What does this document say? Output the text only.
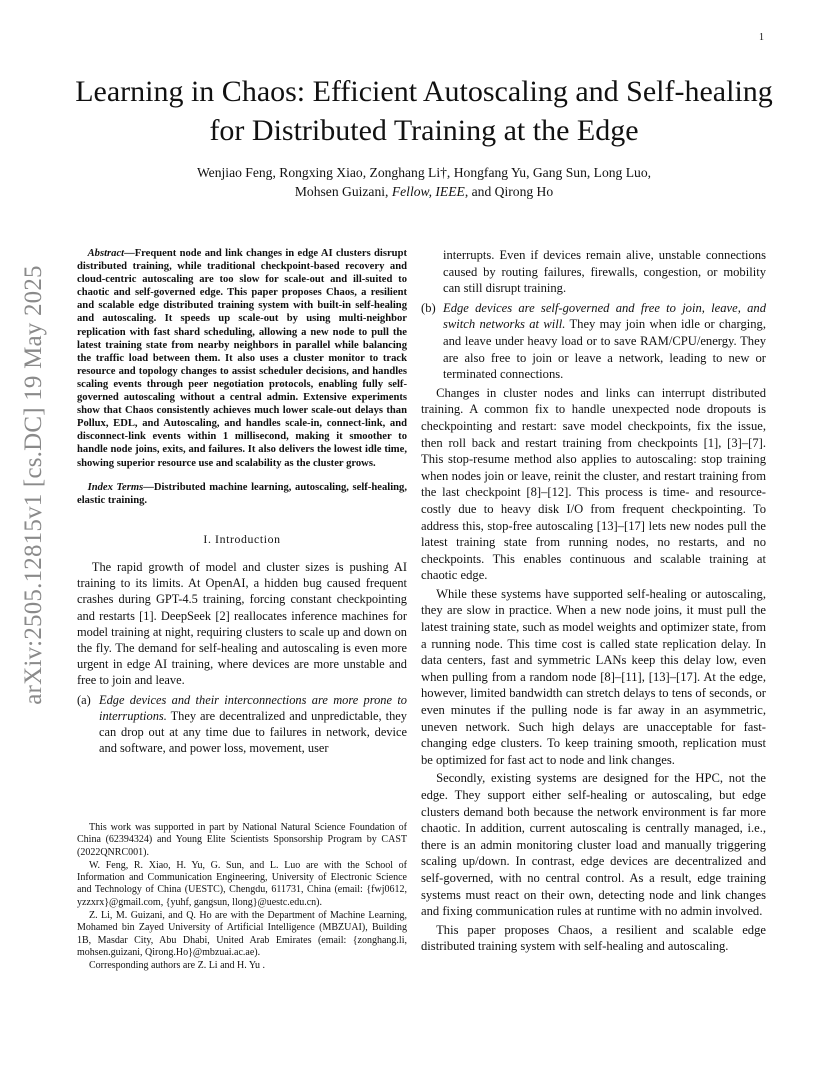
1
arXiv:2505.12815v1 [cs.DC] 19 May 2025
Learning in Chaos: Efficient Autoscaling and Self-healing for Distributed Training at the Edge
Wenjiao Feng, Rongxing Xiao, Zonghang Li†, Hongfang Yu, Gang Sun, Long Luo,
Mohsen Guizani, Fellow, IEEE, and Qirong Ho

Abstract—Frequent node and link changes in edge AI clusters disrupt distributed training, while traditional checkpoint-based recovery and cloud-centric autoscaling are too slow for scale-out and ill-suited to chaotic and self-governed edge. This paper proposes Chaos, a resilient and scalable edge distributed training system with built-in self-healing and autoscaling. It speeds up scale-out by using multi-neighbor replication with fast shard scheduling, allowing a new node to pull the latest training state from nearby neighbors in parallel while balancing the traffic load between them. It also uses a cluster monitor to track resource and topology changes to assist scheduler decisions, and handles scaling events through peer negotiation protocols, enabling fully self-governed autoscaling without a central admin. Extensive experiments show that Chaos consistently achieves much lower scale-out delays than Pollux, EDL, and Autoscaling, and handles scale-in, connect-link, and disconnect-link events within 1 millisecond, making it smoother to handle node joins, exits, and failures. It also delivers the lowest idle time, showing superior resource use and scalability as the cluster grows.

Index Terms—Distributed machine learning, autoscaling, self-healing, elastic training.

I. Introduction

The rapid growth of model and cluster sizes is pushing AI training to its limits. At OpenAI, a hidden bug caused frequent crashes during GPT-4.5 training, forcing constant checkpointing and restarts [1]. DeepSeek [2] reallocates inference machines for model training at night, requiring clusters to scale up and down on the fly. The demand for self-healing and autoscaling is even more urgent in edge AI training, where devices are more unstable and free to join and leave.

(a) Edge devices and their interconnections are more prone to interruptions. They are decentralized and unpredictable, they can drop out at any time due to failures in network, device and software, and power loss, movement, user

This work was supported in part by National Natural Science Foundation of China (62394324) and Young Elite Scientists Sponsorship Program by CAST (2022QNRC001).

W. Feng, R. Xiao, H. Yu, G. Sun, and L. Luo are with the School of Information and Communication Engineering, University of Electronic Science and Technology of China (UESTC), Chengdu, 611731, China (email: {fwj0612, yzzxrx}@gmail.com, {yuhf, gangsun, llong}@uestc.edu.cn).

Z. Li, M. Guizani, and Q. Ho are with the Department of Machine Learning, Mohamed bin Zayed University of Artificial Intelligence (MBZUAI), Building 1B, Masdar City, Abu Dhabi, United Arab Emirates (email: {zonghang.li, mohsen.guizani, Qirong.Ho}@mbzuai.ac.ae).

Corresponding authors are Z. Li and H. Yu .

interrupts. Even if devices remain alive, unstable connections caused by routing failures, firewalls, congestion, or mobility can still disrupt training.

(b) Edge devices are self-governed and free to join, leave, and switch networks at will. They may join when idle or charging, and leave under heavy load or to save RAM/CPU/energy. They are also free to join or leave a network, leading to new or terminated connections.

Changes in cluster nodes and links can interrupt distributed training. A common fix to handle unexpected node dropouts is checkpointing and restart: save model checkpoints, fix the issue, then roll back and restart training from checkpoints [1], [3]–[7]. This stop-resume method also applies to autoscaling: stop training when nodes join or leave, reinit the cluster, and restart training from the last checkpoint [8]–[12]. This process is time- and resource-costly due to heavy disk I/O from frequent checkpointing. To address this, stop-free autoscaling [13]–[17] lets new nodes pull the latest training state from running nodes, no restarts, and no checkpoints. This enables continuous and scalable training at chaotic edge.

While these systems have supported self-healing or autoscaling, they are slow in practice. When a new node joins, it must pull the latest training state, such as model weights and optimizer state, from a running node. This time cost is called state replication delay. In data centers, fast and symmetric LANs keep this delay low, even when pulling from a random node [8]–[11], [13]–[17]. At the edge, however, limited bandwidth can stretch delays to tens of seconds, or even minutes if the pulling node is far away in an asymmetric, uneven network. Such high delays are unacceptable for fast-changing edge clusters. To keep training smooth, replication must be optimized for fast act to node and link changes.

Secondly, existing systems are designed for the HPC, not the edge. They support either self-healing or autoscaling, but edge clusters demand both because the network environment is far more chaotic. In addition, current autoscaling is centrally managed, i.e., there is an admin monitoring cluster load and manually triggering scaling up/down. In contrast, edge devices are decentralized and self-governed, with no central control. As a result, edge training systems must react on their own, detecting node and link changes and fixing communication rules at runtime with no admin involved.

This paper proposes Chaos, a resilient and scalable edge distributed training system with self-healing and autoscaling.
